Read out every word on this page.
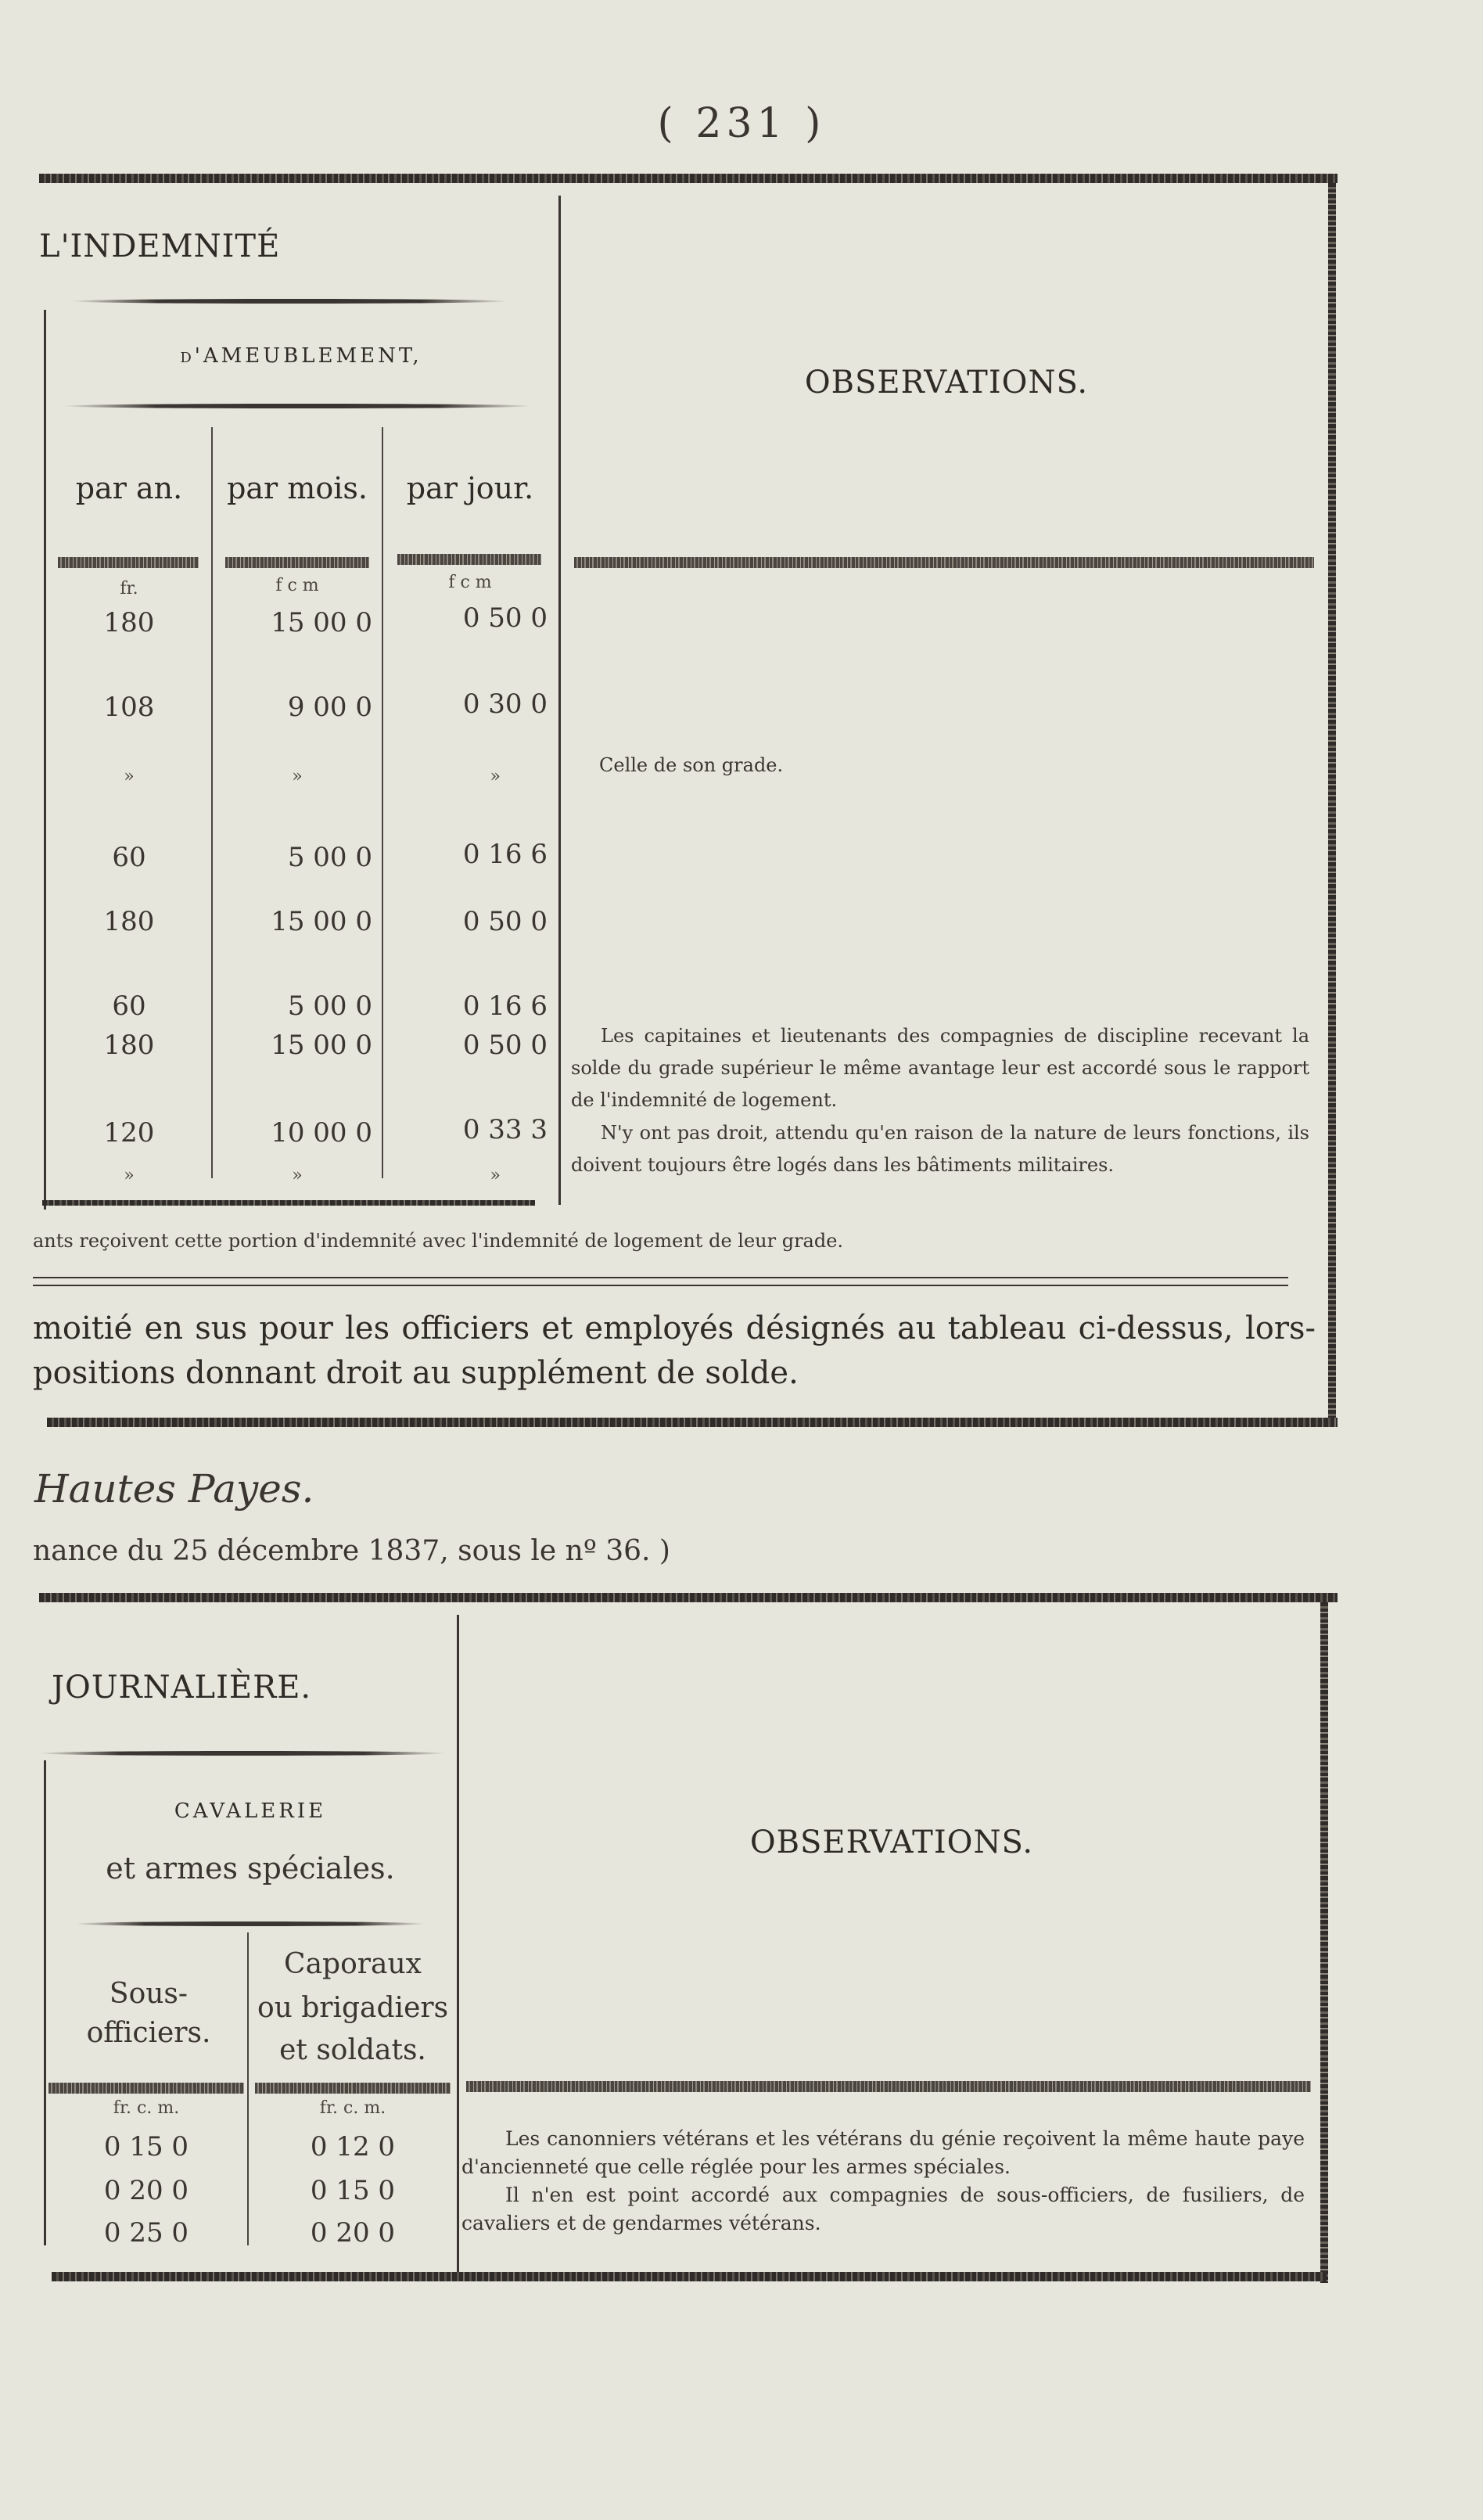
( 231 )
L'INDEMNITÉ
d'AMEUBLEMENT,
OBSERVATIONS.
par an.	par mois.	par jour.
fr.	f c m	f c m
180	15 00 0	0 50 0
108	9 00 0	0 30 0
»	»	»
60	5 00 0	0 16 6
180	15 00 0	0 50 0
60	5 00 0	0 16 6
180	15 00 0	0 50 0
120	10 00 0	0 33 3
»	»	»
Celle de son grade.
Les capitaines et lieutenants des compagnies de discipline recevant la solde du grade supérieur le même avantage leur est accordé sous le rapport de l'indemnité de logement.
N'y ont pas droit, attendu qu'en raison de la nature de leurs fonctions, ils doivent toujours être logés dans les bâtiments militaires.
ants reçoivent cette portion d'indemnité avec l'indemnité de logement de leur grade.
moitié en sus pour les officiers et employés désignés au tableau ci-dessus, lors-positions donnant droit au supplément de solde.
Hautes Payes.
nance du 25 décembre 1837, sous le nº 36. )
JOURNALIÈRE.
CAVALERIE
et armes spéciales.
OBSERVATIONS.
Sous-officiers.
Caporaux
ou brigadiers
et soldats.
fr. c. m.	fr. c. m.
0 15 0	0 12 0
0 20 0	0 15 0
0 25 0	0 20 0
Les canonniers vétérans et les vétérans du génie reçoivent la même haute paye d'ancienneté que celle réglée pour les armes spéciales.
Il n'en est point accordé aux compagnies de sous-officiers, de fusiliers, de cavaliers et de gendarmes vétérans.
